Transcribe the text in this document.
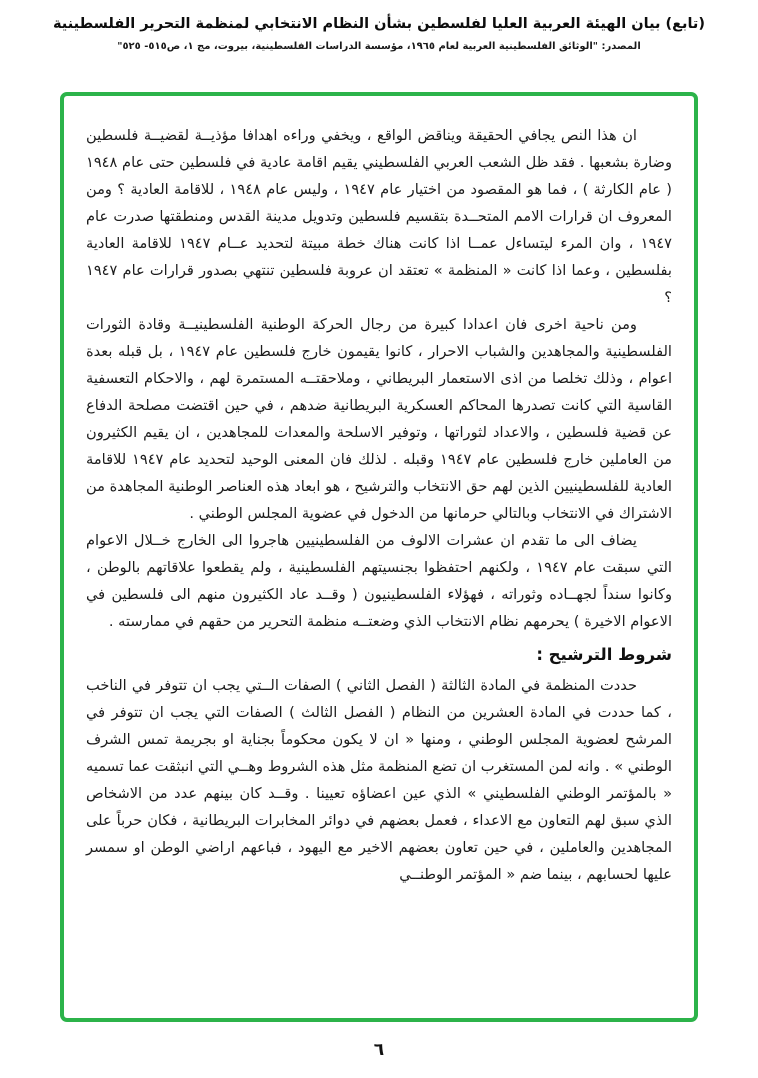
(تابع) بيان الهيئة العربية العليا لفلسطين بشأن النظام الانتخابي لمنظمة التحرير الفلسطينية
المصدر: "الوثائق الفلسطينية العربية لعام ١٩٦٥، مؤسسة الدراسات الفلسطينية، بيروت، مج ١، ص٥١٥- ٥٢٥"

ان هذا النص يجافي الحقيقة ويناقض الواقع ، ويخفي وراءه اهدافا مؤذيــة لقضيــة فلسطين وضارة بشعبها . فقد ظل الشعب العربي الفلسطيني يقيم اقامة عادية في فلسطين حتى عام ١٩٤٨ ( عام الكارثة ) ، فما هو المقصود من اختيار عام ١٩٤٧ ، وليس عام ١٩٤٨ ، للاقامة العادية ؟ ومن المعروف ان قرارات الامم المتحــدة بتقسيم فلسطين وتدويل مدينة القدس ومنطقتها صدرت عام ١٩٤٧ ، وان المرء ليتساءل عمــا اذا كانت هناك خطة مبيتة لتحديد عــام ١٩٤٧ للاقامة العادية بفلسطين ، وعما اذا كانت « المنظمة » تعتقد ان عروبة فلسطين تنتهي بصدور قرارات عام ١٩٤٧ ؟

ومن ناحية اخرى فان اعدادا كبيرة من رجال الحركة الوطنية الفلسطينيــة وقادة الثورات الفلسطينية والمجاهدين والشباب الاحرار ، كانوا يقيمون خارج فلسطين عام ١٩٤٧ ، بل قبله بعدة اعوام ، وذلك تخلصا من اذى الاستعمار البريطاني ، وملاحقتــه المستمرة لهم ، والاحكام التعسفية القاسية التي كانت تصدرها المحاكم العسكرية البريطانية ضدهم ، في حين اقتضت مصلحة الدفاع عن قضية فلسطين ، والاعداد لثوراتها ، وتوفير الاسلحة والمعدات للمجاهدين ، ان يقيم الكثيرون من العاملين خارج فلسطين عام ١٩٤٧ وقبله . لذلك فان المعنى الوحيد لتحديد عام ١٩٤٧ للاقامة العادية للفلسطينيين الذين لهم حق الانتخاب والترشيح ، هو ابعاد هذه العناصر الوطنية المجاهدة من الاشتراك في الانتخاب وبالتالي حرمانها من الدخول في عضوية المجلس الوطني .

يضاف الى ما تقدم ان عشرات الالوف من الفلسطينيين هاجروا الى الخارج خــلال الاعوام التي سبقت عام ١٩٤٧ ، ولكنهم احتفظوا بجنسيتهم الفلسطينية ، ولم يقطعوا علاقاتهم بالوطن ، وكانوا سنداً لجهــاده وثوراته ، فهؤلاء الفلسطينيون ( وقــد عاد الكثيرون منهم الى فلسطين في الاعوام الاخيرة ) يحرمهم نظام الانتخاب الذي وضعتــه منظمة التحرير من حقهم في ممارسته .

شروط الترشيح :

حددت المنظمة في المادة الثالثة ( الفصل الثاني ) الصفات الــتي يجب ان تتوفر في الناخب ، كما حددت في المادة العشرين من النظام ( الفصل الثالث ) الصفات التي يجب ان تتوفر في المرشح لعضوية المجلس الوطني ، ومنها « ان لا يكون محكوماً بجناية او بجريمة تمس الشرف الوطني » . وانه لمن المستغرب ان تضع المنظمة مثل هذه الشروط وهــي التي انبثقت عما تسميه « بالمؤتمر الوطني الفلسطيني » الذي عين اعضاؤه تعيينا . وقــد كان بينهم عدد من الاشخاص الذي سبق لهم التعاون مع الاعداء ، فعمل بعضهم في دوائر المخابرات البريطانية ، فكان حرباً على المجاهدين والعاملين ، في حين تعاون بعضهم الاخير مع اليهود ، فباعهم اراضي الوطن او سمسر عليها لحسابهم ، بينما ضم « المؤتمر الوطنــي

٦
